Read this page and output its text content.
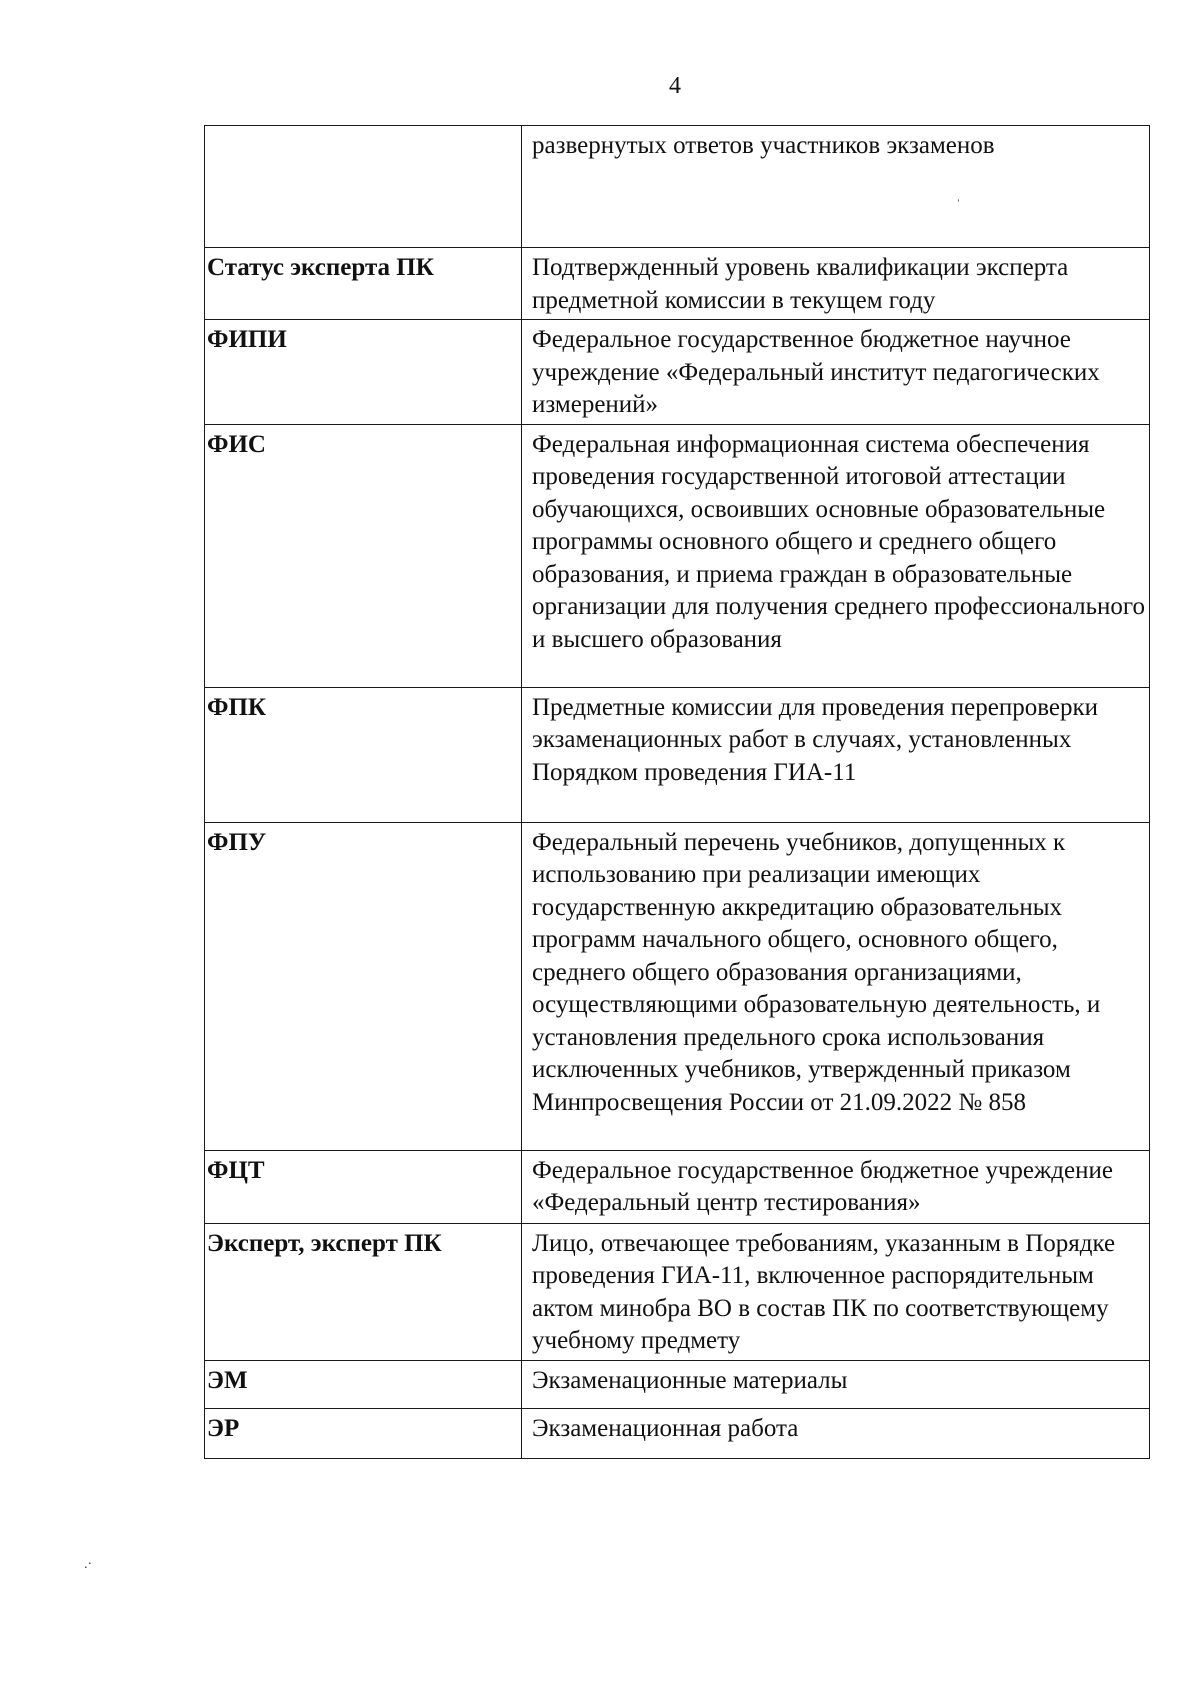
4
	развернутых ответов участников экзаменов
Статус эксперта ПК	Подтвержденный уровень квалификации эксперта предметной комиссии в текущем году
ФИПИ	Федеральное государственное бюджетное научное учреждение «Федеральный институт педагогических измерений»
ФИС	Федеральная информационная система обеспечения проведения государственной итоговой аттестации обучающихся, освоивших основные образовательные программы основного общего и среднего общего образования, и приема граждан в образовательные организации для получения среднего профессионального и высшего образования
ФПК	Предметные комиссии для проведения перепроверки экзаменационных работ в случаях, установленных Порядком проведения ГИА-11
ФПУ	Федеральный перечень учебников, допущенных к использованию при реализации имеющих государственную аккредитацию образовательных программ начального общего, основного общего, среднего общего образования организациями, осуществляющими образовательную деятельность, и установления предельного срока использования исключенных учебников, утвержденный приказом Минпросвещения России от 21.09.2022 № 858
ФЦТ	Федеральное государственное бюджетное учреждение «Федеральный центр тестирования»
Эксперт, эксперт ПК	Лицо, отвечающее требованиям, указанным в Порядке проведения ГИА-11, включенное распорядительным актом минобра ВО в состав ПК по соответствующему учебному предмету
ЭМ	Экзаменационные материалы
ЭР	Экзаменационная работа
ˈ
.·
